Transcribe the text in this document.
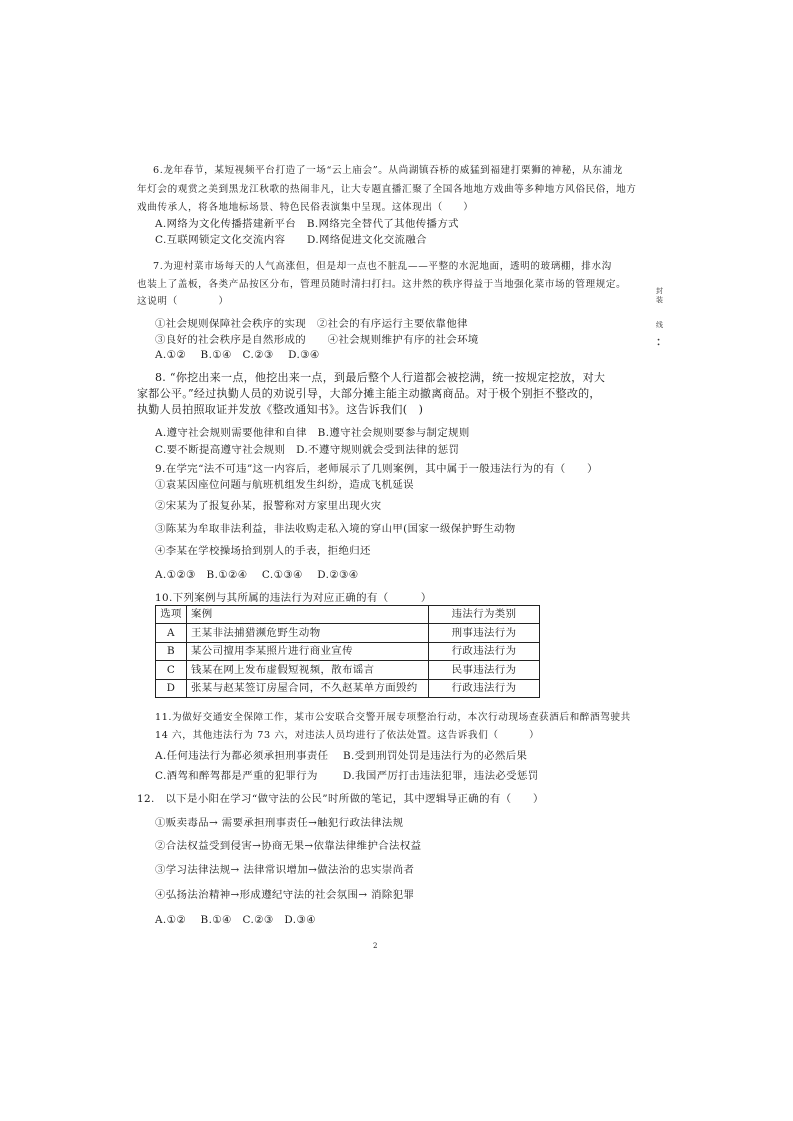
6.龙年春节，某短视频平台打造了一场“云上庙会”。从尚湖镇吞桥的威猛到福建打栗狮的神秘，从东浦龙
年灯会的观赏之美到黑龙江秋歌的热闹非凡，让大专题直播汇聚了全国各地地方戏曲等多种地方风俗民俗，地方
戏曲传承人，将各地地标场景、特色民俗表演集中呈现。这体现出（　　）
A.网络为文化传播搭建新平台　B.网络完全替代了其他传播方式
C.互联网锁定文化交流内容　　D.网络促进文化交流融合
7.为迎村菜市场每天的人气高涨但，但是却一点也不脏乱——平整的水泥地面，透明的玻璃棚，排水沟
也装上了盖板，各类产品按区分布，管理员随时清扫打扫。这井然的秩序得益于当地强化菜市场的管理规定。
这说明（　　　　）
①社会规则保障社会秩序的实现　②社会的有序运行主要依靠他律
③良好的社会秩序是自然形成的　　④社会规则维护有序的社会环境
A.①②　 B.①④　C.②③　 D.③④
8. “你挖出来一点，他挖出来一点，到最后整个人行道都会被挖满，统一按规定挖放，对大
家都公平。”经过执勤人员的劝说引导，大部分摊主能主动撤离商品。对于极个别拒不整改的，
执勤人员拍照取证并发放《整改通知书》。这告诉我们(　)
A.遵守社会规则需要他律和自律　B.遵守社会规则要参与制定规则
C.要不断提高遵守社会规则　D.不遵守规则就会受到法律的惩罚
9.在学完“法不可违”这一内容后，老师展示了几则案例，其中属于一般违法行为的有（　　）
①袁某因座位问题与航班机组发生纠纷，造成飞机延误
②宋某为了报复孙某，报警称对方家里出现火灾
③陈某为牟取非法利益，非法收购走私入境的穿山甲(国家一级保护野生动物
④李某在学校操场拾到别人的手表，拒绝归还
A.①②③　B.①②④　 C.①③④　 D.②③④
10.下列案例与其所属的违法行为对应正确的有（　　　）
选项	案例	违法行为类别
A	王某非法捕猎濒危野生动物	刑事违法行为
B	某公司擅用李某照片进行商业宣传	行政违法行为
C	钱某在网上发布虚假短视频，散布谣言	民事违法行为
D	张某与赵某签订房屋合同，不久赵某单方面毁约	行政违法行为
11.为做好交通安全保障工作，某市公安联合交警开展专项整治行动，本次行动现场查获酒后和醉酒驾驶共
14 六，其他违法行为 73 六，对违法人员均进行了依法处置。这告诉我们（　　　）
A.任何违法行为都必须承担刑事责任　 B.受到刑罚处罚是违法行为的必然后果
C.酒驾和醉驾都是严重的犯罪行为　　 D.我国严厉打击违法犯罪，违法必受惩罚
12.　以下是小阳在学习“做守法的公民”时所做的笔记，其中逻辑导正确的有（　　）
①贩卖毒品→ 需要承担刑事责任→触犯行政法律法规
②合法权益受到侵害→协商无果→依靠法律维护合法权益
③学习法律法规→ 法律常识增加→做法治的忠实崇尚者
④弘扬法治精神→形成遵纪守法的社会氛围→ 消除犯罪
A.①②　 B.①④　C.②③　D.③④
封
装
线
：
2
